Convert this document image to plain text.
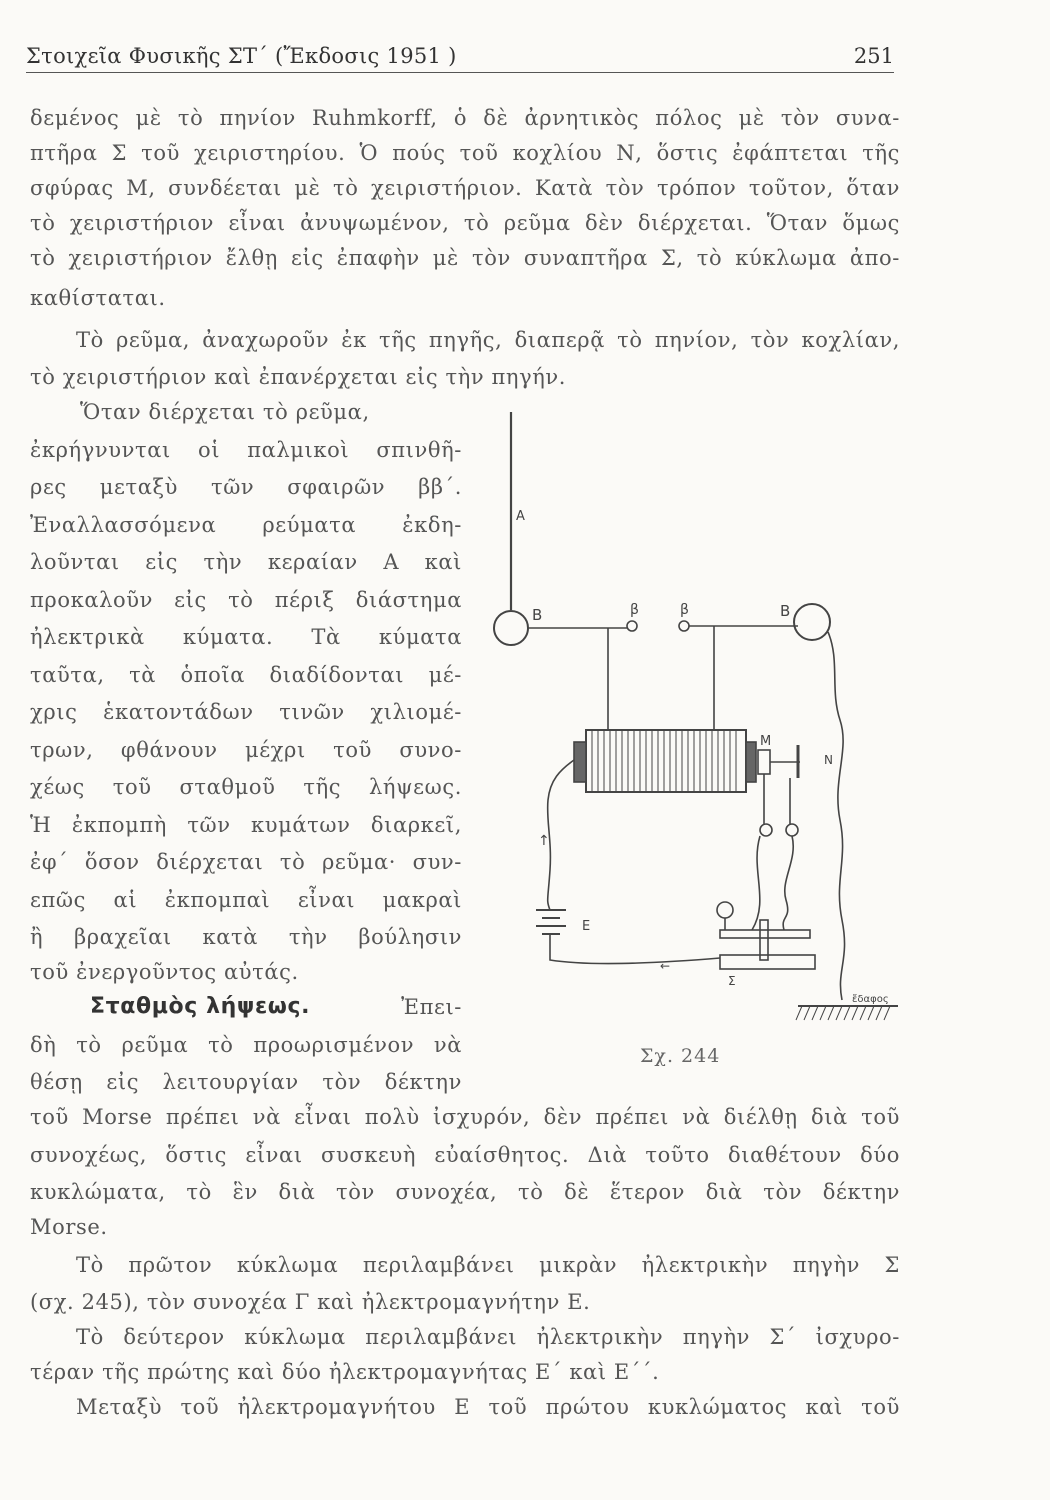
Στοιχεῖα Φυσικῆς ΣΤ΄ (Ἔκδοσις 1951 )	251
δεμένος μὲ τὸ πηνίον Ruhmkorff, ὁ δὲ ἀρνητικὸς πόλος μὲ τὸν συνα-
πτῆρα Σ τοῦ χειριστηρίου. Ὁ πούς τοῦ κοχλίου Ν, ὅστις ἐφάπτεται τῆς
σφύρας Μ, συνδέεται μὲ τὸ χειριστήριον. Κατὰ τὸν τρόπον τοῦτον, ὅταν
τὸ χειριστήριον εἶναι ἀνυψωμένον, τὸ ρεῦμα δὲν διέρχεται. Ὅταν ὅμως
τὸ χειριστήριον ἔλθῃ εἰς ἐπαφὴν μὲ τὸν συναπτῆρα Σ, τὸ κύκλωμα ἀπο-
καθίσταται.
Τὸ ρεῦμα, ἀναχωροῦν ἐκ τῆς πηγῆς, διαπερᾷ τὸ πηνίον, τὸν κοχλίαν,
τὸ χειριστήριον καὶ ἐπανέρχεται εἰς τὴν πηγήν.
Ὅταν διέρχεται τὸ ρεῦμα,
ἐκρήγνυνται οἱ παλμικοὶ σπινθῆ-
ρες μεταξὺ τῶν σφαιρῶν ββ΄.
Ἐναλλασσόμενα ρεύματα ἐκδη-
λοῦνται εἰς τὴν κεραίαν Α καὶ
προκαλοῦν εἰς τὸ πέριξ διάστημα
ἠλεκτρικὰ κύματα. Τὰ κύματα
ταῦτα, τὰ ὁποῖα διαδίδονται μέ-
χρις ἑκατοντάδων τινῶν χιλιομέ-
τρων, φθάνουν μέχρι τοῦ συνο-
χέως τοῦ σταθμοῦ τῆς λήψεως.
Ἡ ἐκπομπὴ τῶν κυμάτων διαρκεῖ,
ἐφ΄ ὅσον διέρχεται τὸ ρεῦμα· συν-
επῶς αἱ ἐκπομπαὶ εἶναι μακραὶ
ἢ βραχεῖαι κατὰ τὴν βούλησιν
τοῦ ἐνεργοῦντος αὐτάς.
Σταθμὸς λήψεως.	Ἐπει-
δὴ τὸ ρεῦμα τὸ προωρισμένον νὰ
θέσῃ εἰς λειτουργίαν τὸν δέκτην
τοῦ Morse πρέπει νὰ εἶναι πολὺ ἰσχυρόν, δὲν πρέπει νὰ διέλθῃ διὰ τοῦ
συνοχέως, ὅστις εἶναι συσκευὴ εὐαίσθητος. Διὰ τοῦτο διαθέτουν δύο
κυκλώματα, τὸ ἓν διὰ τὸν συνοχέα, τὸ δὲ ἕτερον διὰ τὸν δέκτην
Morse.
Τὸ πρῶτον κύκλωμα περιλαμβάνει μικρὰν ἠλεκτρικὴν πηγὴν Σ
(σχ. 245), τὸν συνοχέα Γ καὶ ἠλεκτρομαγνήτην Ε.
Τὸ δεύτερον κύκλωμα περιλαμβάνει ἠλεκτρικὴν πηγὴν Σ΄ ἰσχυρο-
τέραν τῆς πρώτης καὶ δύο ἠλεκτρομαγνήτας Ε΄ καὶ Ε΄΄.
Μεταξὺ τοῦ ἠλεκτρομαγνήτου Ε τοῦ πρώτου κυκλώματος καὶ τοῦ
A
B	β	β	B
M
N
↑
E
←
Σ
ἔδαφος
Σχ. 244
